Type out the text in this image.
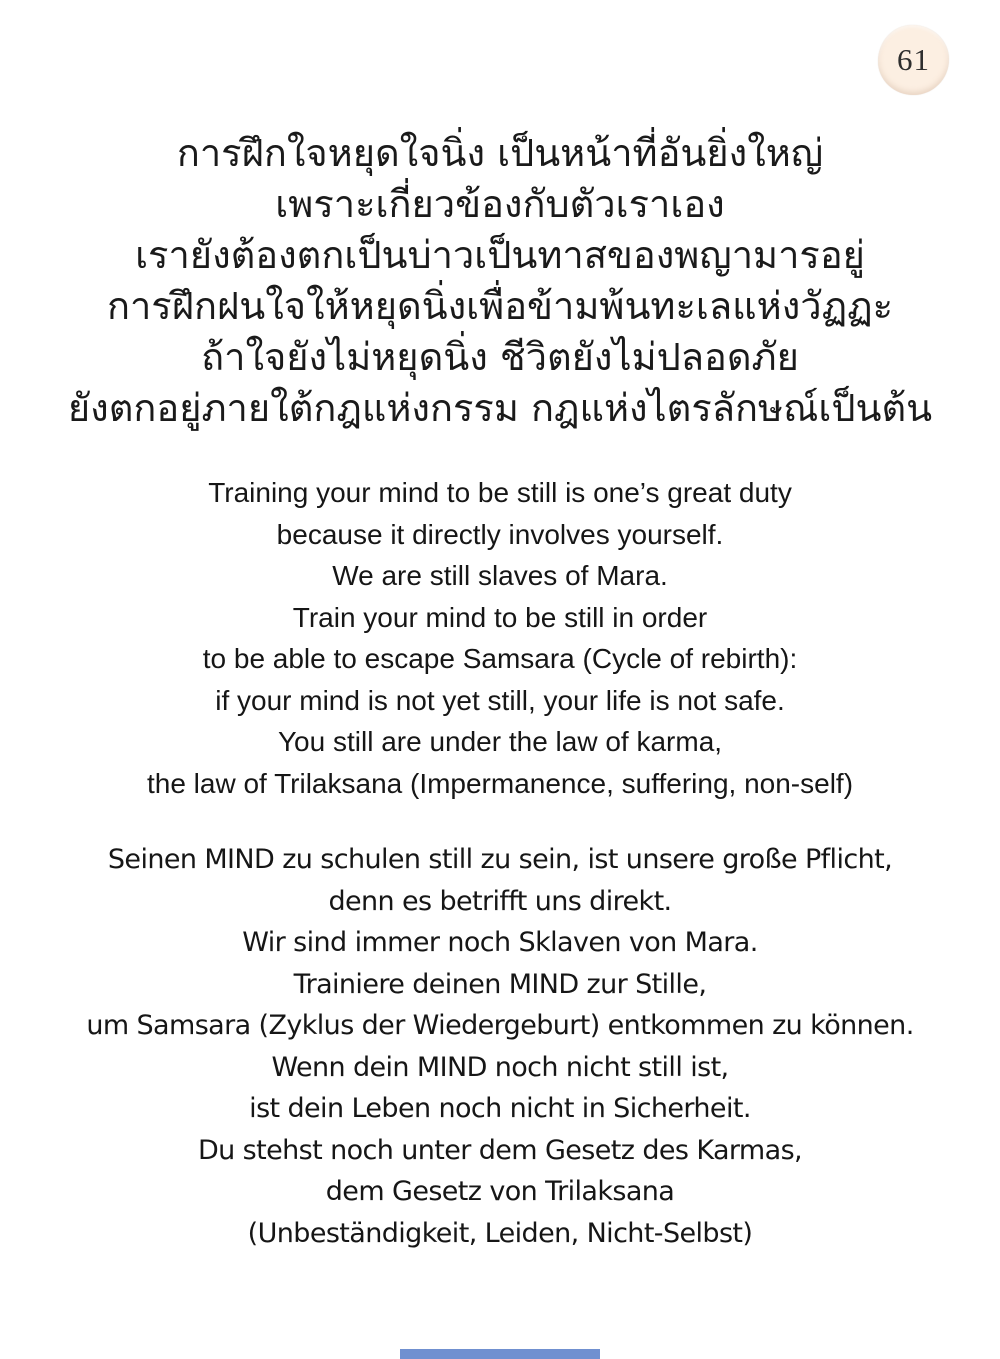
61
การฝึกใจหยุดใจนิ่ง เป็นหน้าที่อันยิ่งใหญ่
เพราะเกี่ยวข้องกับตัวเราเอง
เรายังต้องตกเป็นบ่าวเป็นทาสของพญามารอยู่
การฝึกฝนใจให้หยุดนิ่งเพื่อข้ามพ้นทะเลแห่งวัฏฏะ
ถ้าใจยังไม่หยุดนิ่ง ชีวิตยังไม่ปลอดภัย
ยังตกอยู่ภายใต้กฎแห่งกรรม กฎแห่งไตรลักษณ์เป็นต้น
Training your mind to be still is one’s great duty
because it directly involves yourself.
We are still slaves of Mara.
Train your mind to be still in order
to be able to escape Samsara (Cycle of rebirth):
if your mind is not yet still, your life is not safe.
You still are under the law of karma,
the law of Trilaksana (Impermanence, suffering, non-self)
Seinen MIND zu schulen still zu sein, ist unsere große Pflicht,
denn es betrifft uns direkt.
Wir sind immer noch Sklaven von Mara.
Trainiere deinen MIND zur Stille,
um Samsara (Zyklus der Wiedergeburt) entkommen zu können.
Wenn dein MIND noch nicht still ist,
ist dein Leben noch nicht in Sicherheit.
Du stehst noch unter dem Gesetz des Karmas,
dem Gesetz von Trilaksana
(Unbeständigkeit, Leiden, Nicht-Selbst)
